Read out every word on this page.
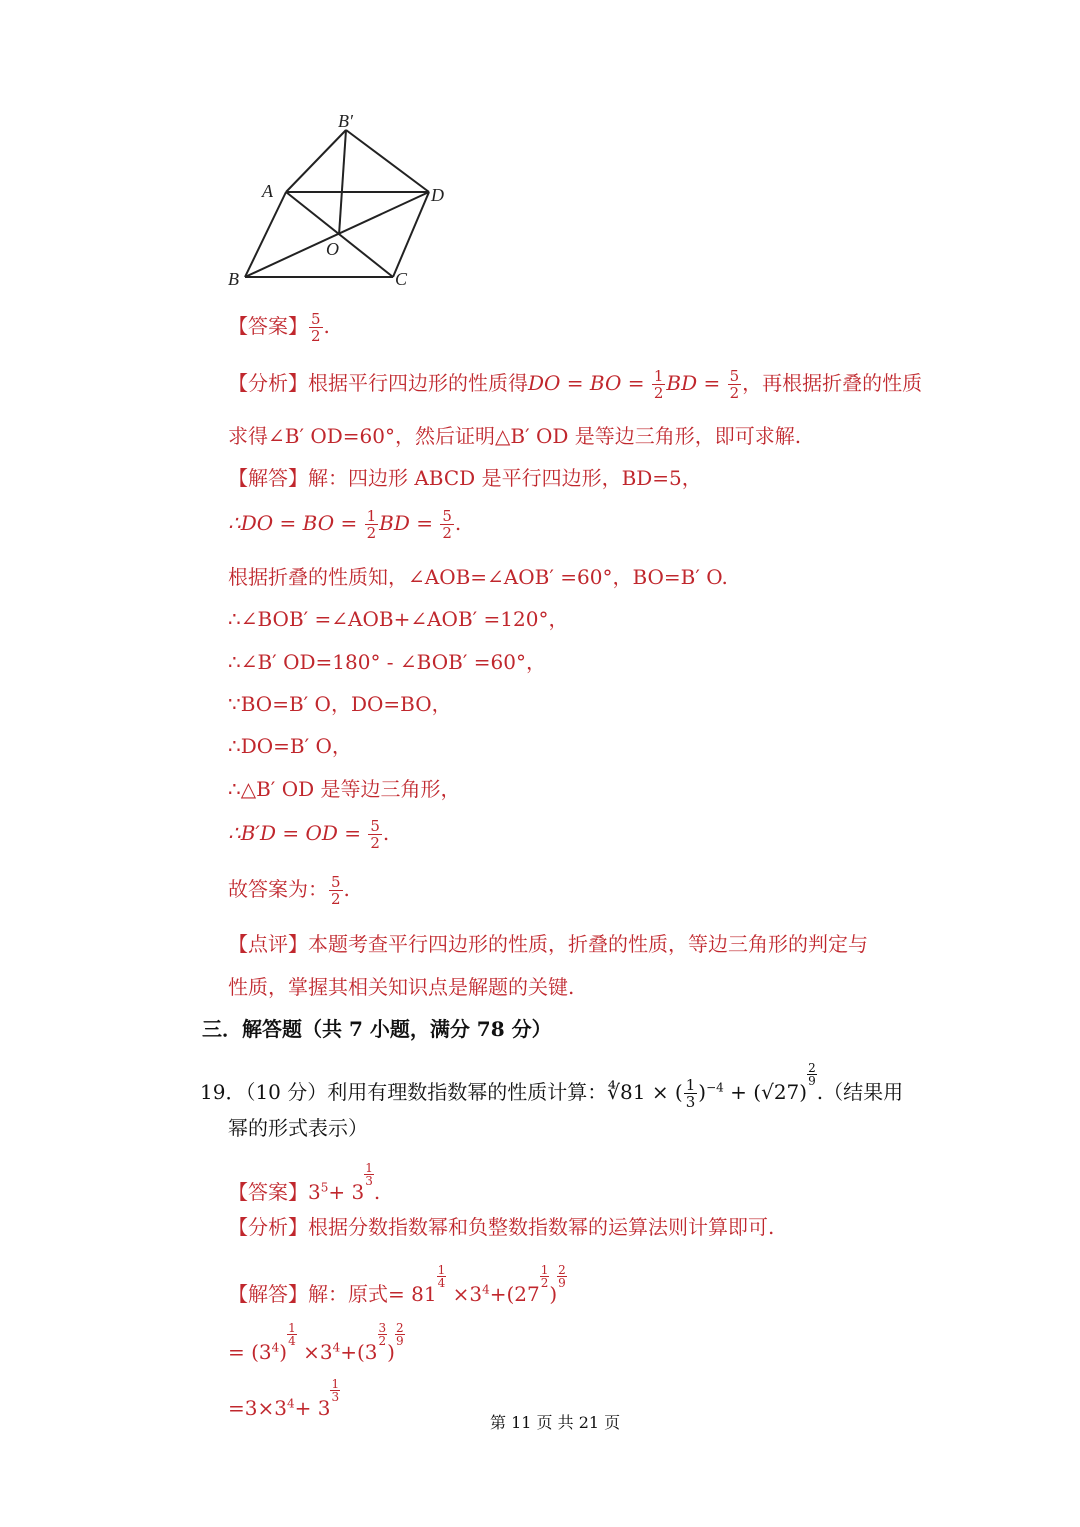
B′
A	D
O
B	C
【答案】 $\frac{5}{2}$ .
【分析】根据平行四边形的性质得DO = BO = $\frac{1}{2}$ BD = $\frac{5}{2}$ ，再根据折叠的性质
求得∠B′ OD=60°，然后证明△B′ OD 是等边三角形，即可求解.
【解答】解：四边形 ABCD 是平行四边形，BD=5，
∴DO = BO = $\frac{1}{2}$ BD = $\frac{5}{2}$ .
根据折叠的性质知，∠AOB=∠AOB′ =60°，BO=B′ O.
∴∠BOB′ =∠AOB+∠AOB′ =120°，
∴∠B′ OD=180° - ∠BOB′ =60°，
∵BO=B′ O，DO=BO，
∴DO=B′ O，
∴△B′ OD 是等边三角形，
∴B′D = OD = $\frac{5}{2}$ .
故答案为： $\frac{5}{2}$ .
【点评】本题考查平行四边形的性质，折叠的性质，等边三角形的判定与
性质，掌握其相关知识点是解题的关键.
三．解答题（共 7 小题，满分 78 分）
19．（10 分）利用有理数指数幂的性质计算：∜81 × ( $\frac{1}{3} )^{-4} + (√27)$
$\frac{2}{9}$
.（结果用
幂的形式表示）
【答案】$3^5+ 3$
$\frac{1}{3}$
.
【分析】根据分数指数幂和负整数指数幂的运算法则计算即可.
【解答】解：原式= 81
$\frac{1}{4}$
$\times 3^4+(27$
$\frac{1}{2}$
)
$\frac{2}{9}$
= $(3^4)$
$\frac{1}{4}$
$\times 3^4+(3$
$\frac{3}{2}$
)
$\frac{2}{9}$
$=3\times 3^4+ 3$
$\frac{1}{3}$
第 11 页 共 21 页
